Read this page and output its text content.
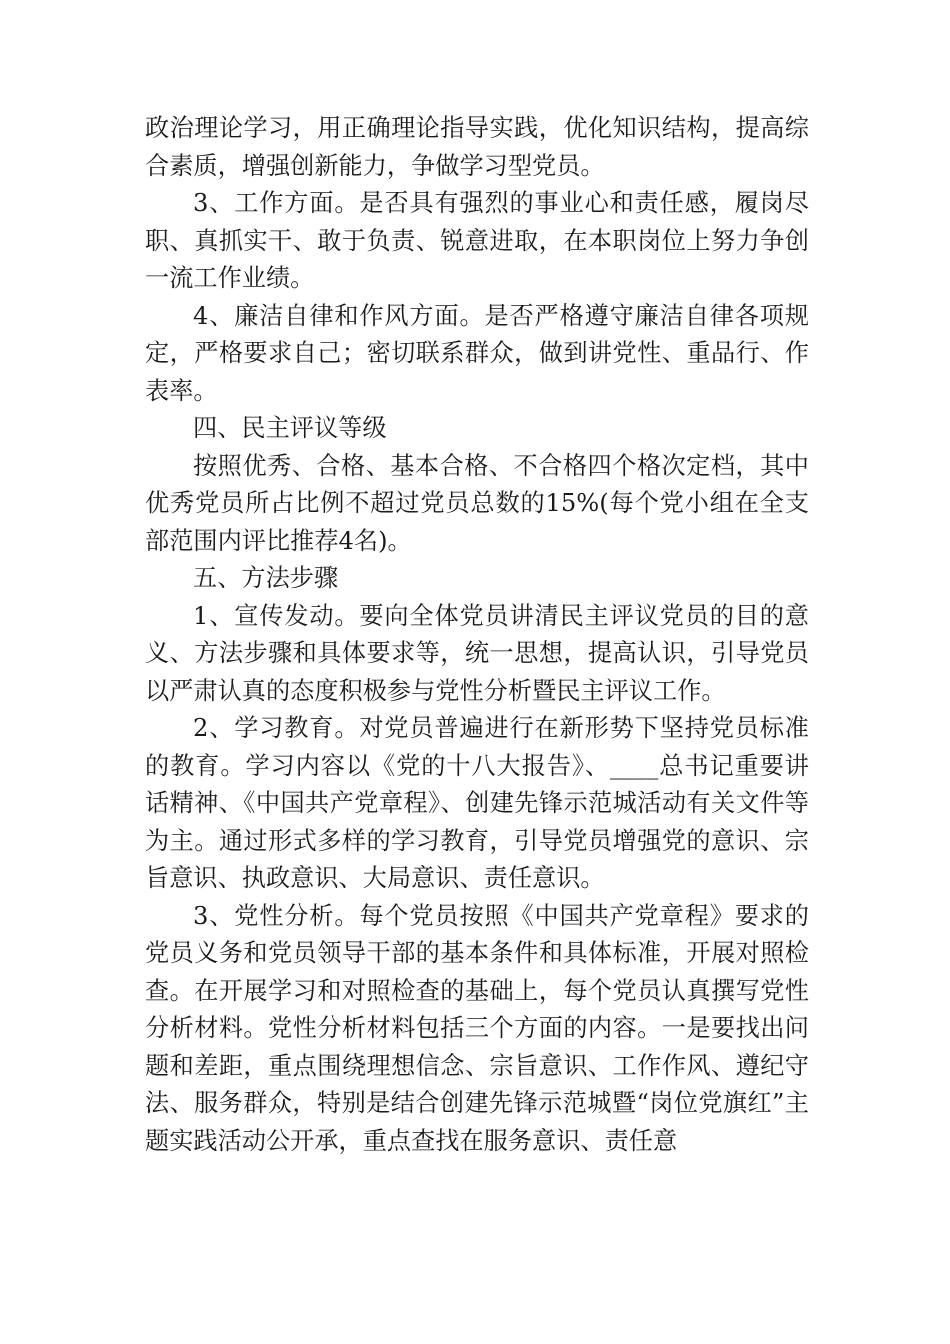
政治理论学习，用正确理论指导实践，优化知识结构，提高综合素质，增强创新能力，争做学习型党员。

3、工作方面。是否具有强烈的事业心和责任感，履岗尽职、真抓实干、敢于负责、锐意进取，在本职岗位上努力争创一流工作业绩。

4、廉洁自律和作风方面。是否严格遵守廉洁自律各项规定，严格要求自己；密切联系群众，做到讲党性、重品行、作表率。

四、民主评议等级

按照优秀、合格、基本合格、不合格四个格次定档，其中优秀党员所占比例不超过党员总数的15%(每个党小组在全支部范围内评比推荐4名)。

五、方法步骤

1、宣传发动。要向全体党员讲清民主评议党员的目的意义、方法步骤和具体要求等，统一思想，提高认识，引导党员以严肃认真的态度积极参与党性分析暨民主评议工作。

2、学习教育。对党员普遍进行在新形势下坚持党员标准的教育。学习内容以《党的十八大报告》、____总书记重要讲话精神、《中国共产党章程》、创建先锋示范城活动有关文件等为主。通过形式多样的学习教育，引导党员增强党的意识、宗旨意识、执政意识、大局意识、责任意识。

3、党性分析。每个党员按照《中国共产党章程》要求的党员义务和党员领导干部的基本条件和具体标准，开展对照检查。在开展学习和对照检查的基础上，每个党员认真撰写党性分析材料。党性分析材料包括三个方面的内容。一是要找出问题和差距，重点围绕理想信念、宗旨意识、工作作风、遵纪守法、服务群众，特别是结合创建先锋示范城暨“岗位党旗红”主题实践活动公开承，重点查找在服务意识、责任意
